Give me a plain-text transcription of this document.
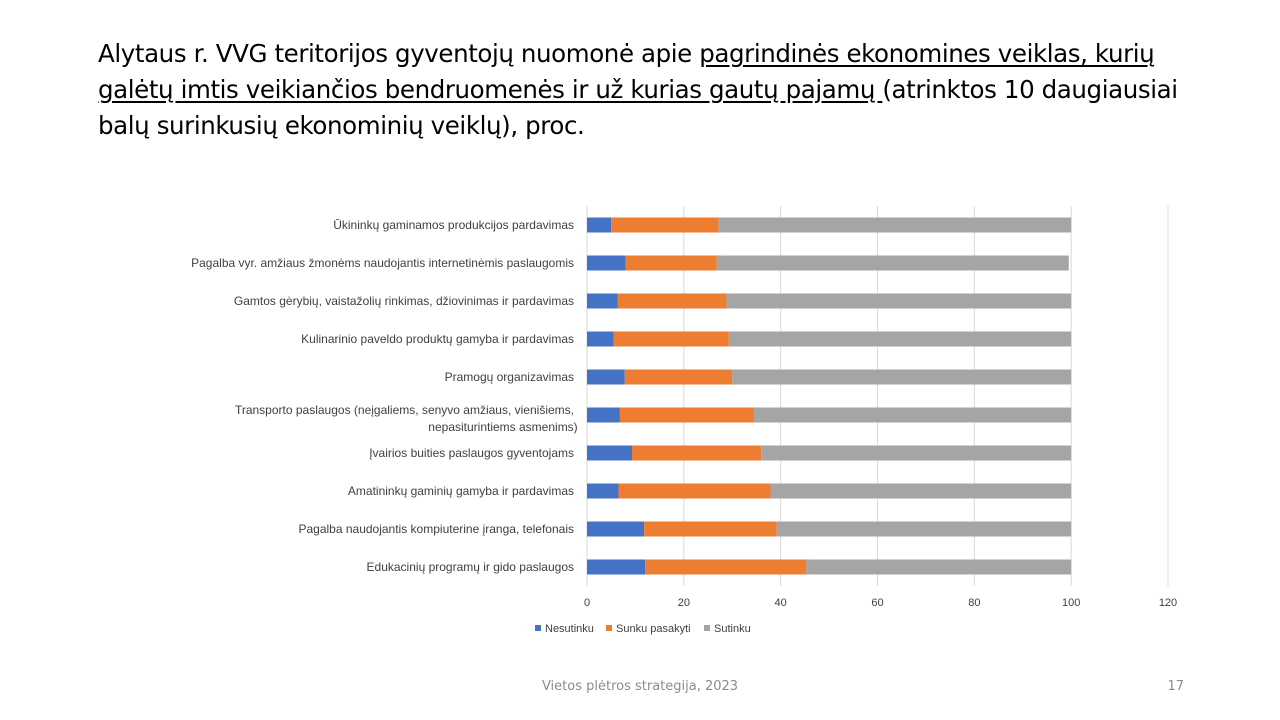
Alytaus r. VVG teritorijos gyventojų nuomonė apie pagrindinės ekonomines veiklas, kurių galėtų imtis veikiančios bendruomenės ir už kurias gautų pajamų (atrinktos 10 daugiausiai balų surinkusių ekonominių veiklų), proc.
Ūkininkų gaminamos produkcijos pardavimas
Pagalba vyr. amžiaus žmonėms naudojantis internetinėmis paslaugomis
Gamtos gėrybių, vaistažolių rinkimas, džiovinimas ir pardavimas
Kulinarinio paveldo produktų gamyba ir pardavimas
Pramogų organizavimas
Transporto paslaugos (neįgaliems, senyvo amžiaus, vienišiems, nepasiturintiems asmenims)
Įvairios buities paslaugos gyventojams
Amatininkų gaminių gamyba ir pardavimas
Pagalba naudojantis kompiuterine įranga, telefonais
Edukacinių programų ir gido paslaugos
0	20	40	60	80	100	120
Nesutinku Sunku pasakyti Sutinku
Vietos plėtros strategija, 2023	17
